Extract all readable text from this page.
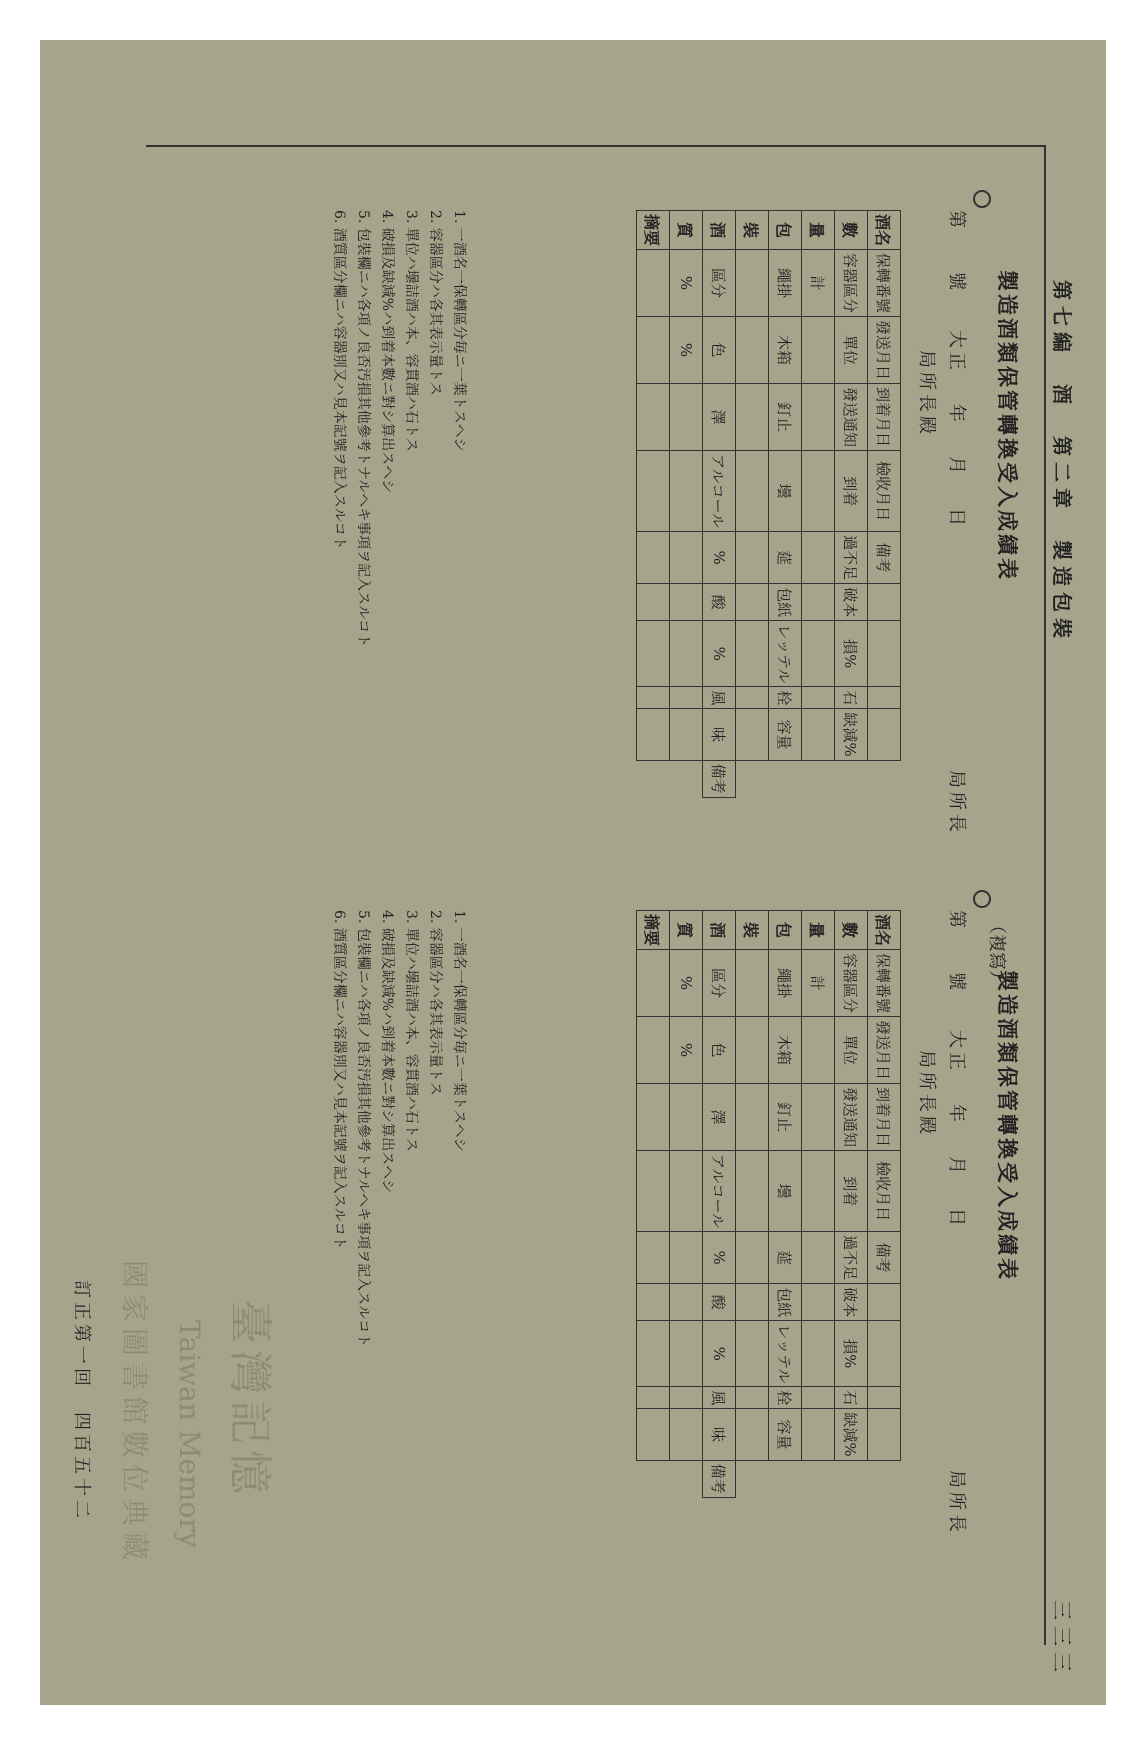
第七編　酒　第二章　製造包裝
三三三
製造酒類保管轉換受入成績表
第號
大正年月日
局所長殿
局所長
酒名	保轉番號	發送月日	到着月日	檢收月日	備考					
數	容器區分	單位	發送通知	到着	過不足	破本	損%	石	缺減%	
量	計									
包	繩掛	木箱	釘止	壜	莚	包紙	レッテル	栓	容量	
裝										
酒	區分	色	澤	アルコール	%	酸	%	風	味	備考
質	%	%								
摘要										
1. 一酒名一保轉區分毎ニ一葉トスヘシ
2. 容器區分ハ各其表示量トス
3. 單位ハ壜詰酒ハ本、容貫酒ハ石トス
4. 破損及缺減%ハ到着本數ニ對シ算出スヘシ
5. 包裝欄ニハ各項ノ良否汚損其他參考トナルヘキ事項ヲ記入スルコト
6. 酒質區分欄ニハ容器別又ハ見本記號ヲ記入スルコト
（複寫）
製造酒類保管轉換受入成績表
第號
大正年月日
局所長殿
局所長
酒名	保轉番號	發送月日	到着月日	檢收月日	備考					
數	容器區分	單位	發送通知	到着	過不足	破本	損%	石	缺減%	
量	計									
包	繩掛	木箱	釘止	壜	莚	包紙	レッテル	栓	容量	
裝										
酒	區分	色	澤	アルコール	%	酸	%	風	味	備考
質	%	%								
摘要										
1. 一酒名一保轉區分毎ニ一葉トスヘシ
2. 容器區分ハ各其表示量トス
3. 單位ハ壜詰酒ハ本、容貫酒ハ石トス
4. 破損及缺減%ハ到着本數ニ對シ算出スヘシ
5. 包裝欄ニハ各項ノ良否汚損其他參考トナルヘキ事項ヲ記入スルコト
6. 酒質區分欄ニハ容器別又ハ見本記號ヲ記入スルコト
訂正第一回　四百五十二	臺灣記憶
Taiwan Memory
國家圖書館數位典藏
